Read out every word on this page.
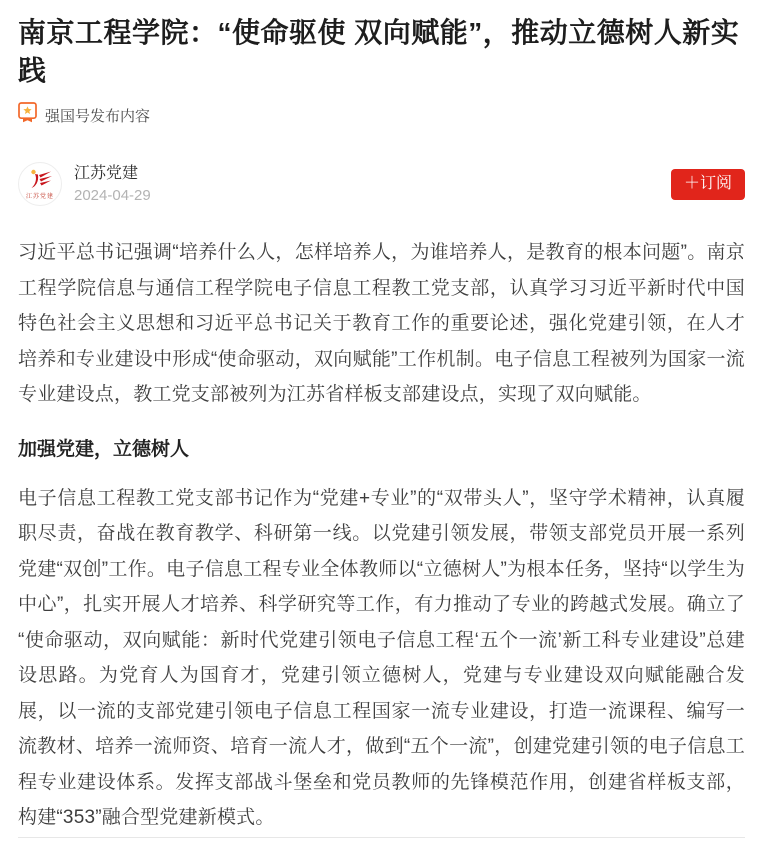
南京工程学院：“使命驱使 双向赋能”，推动立德树人新实践
强国号发布内容
江苏党建
江苏党建
2024-04-29
＋订阅

习近平总书记强调“培养什么人，怎样培养人，为谁培养人，是教育的根本问题”。南京工程学院信息与通信工程学院电子信息工程教工党支部，认真学习习近平新时代中国特色社会主义思想和习近平总书记关于教育工作的重要论述，强化党建引领，在人才培养和专业建设中形成“使命驱动，双向赋能”工作机制。电子信息工程被列为国家一流专业建设点，教工党支部被列为江苏省样板支部建设点，实现了双向赋能。

加强党建，立德树人

电子信息工程教工党支部书记作为“党建+专业”的“双带头人”，坚守学术精神，认真履职尽责，奋战在教育教学、科研第一线。以党建引领发展，带领支部党员开展一系列党建“双创”工作。电子信息工程专业全体教师以“立德树人”为根本任务，坚持“以学生为中心”，扎实开展人才培养、科学研究等工作，有力推动了专业的跨越式发展。确立了“使命驱动，双向赋能：新时代党建引领电子信息工程‘五个一流’新工科专业建设”总建设思路。为党育人为国育才，党建引领立德树人，党建与专业建设双向赋能融合发展，以一流的支部党建引领电子信息工程国家一流专业建设，打造一流课程、编写一流教材、培养一流师资、培育一流人才，做到“五个一流”，创建党建引领的电子信息工程专业建设体系。发挥支部战斗堡垒和党员教师的先锋模范作用，创建省样板支部，构建“353”融合型党建新模式。
